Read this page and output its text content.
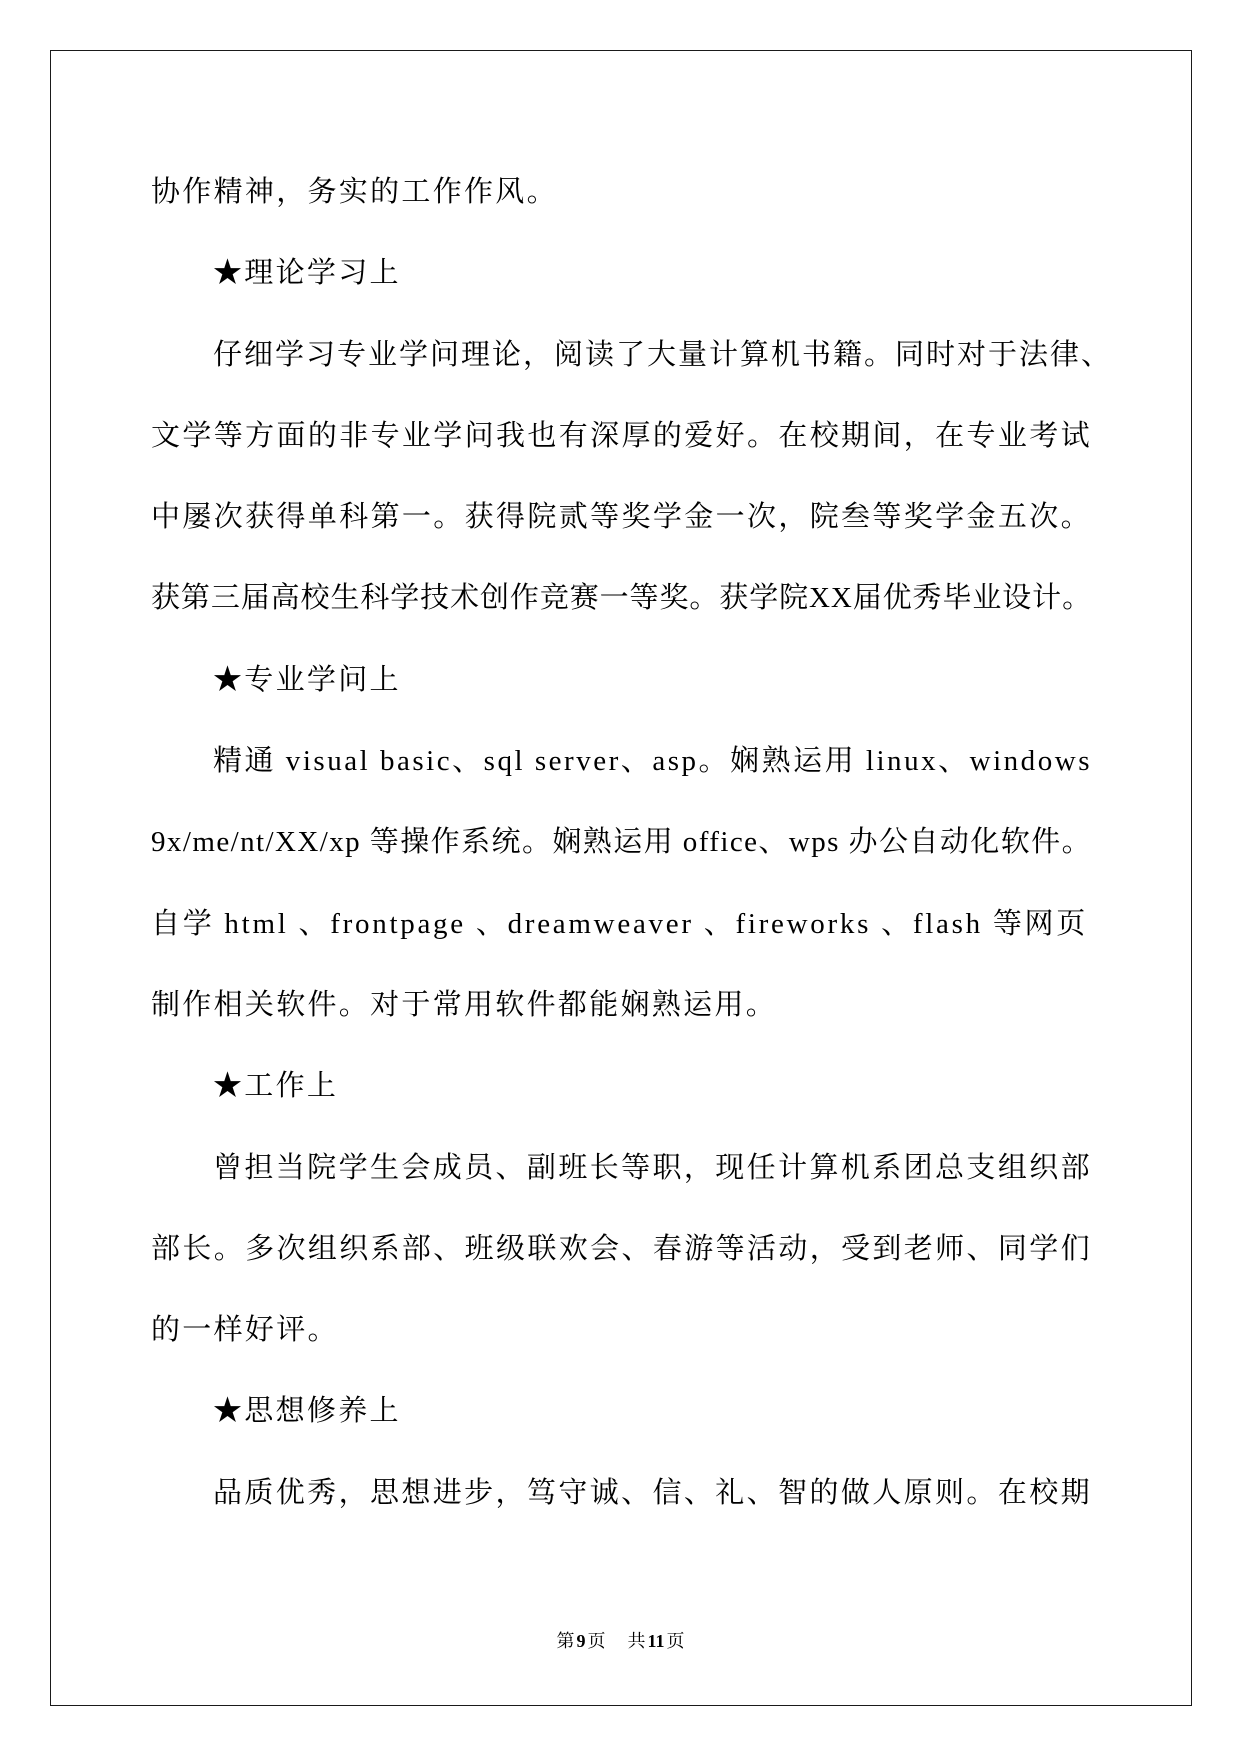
协作精神，务实的工作作风。
★理论学习上
仔细学习专业学问理论，阅读了大量计算机书籍。同时对于法律、
文学等方面的非专业学问我也有深厚的爱好。在校期间，在专业考试
中屡次获得单科第一。获得院贰等奖学金一次，院叁等奖学金五次。
获第三届高校生科学技术创作竞赛一等奖。获学院XX届优秀毕业设计。
★专业学问上
精通 visual basic、sql server、asp。娴熟运用 linux、windows
9x/me/nt/XX/xp 等操作系统。娴熟运用 office、wps 办公自动化软件。
自学 html 、frontpage 、dreamweaver 、fireworks 、flash 等网页
制作相关软件。对于常用软件都能娴熟运用。
★工作上
曾担当院学生会成员、副班长等职，现任计算机系团总支组织部
部长。多次组织系部、班级联欢会、春游等活动，受到老师、同学们
的一样好评。
★思想修养上
品质优秀，思想进步，笃守诚、信、礼、智的做人原则。在校期
第 9 页 共 11 页
